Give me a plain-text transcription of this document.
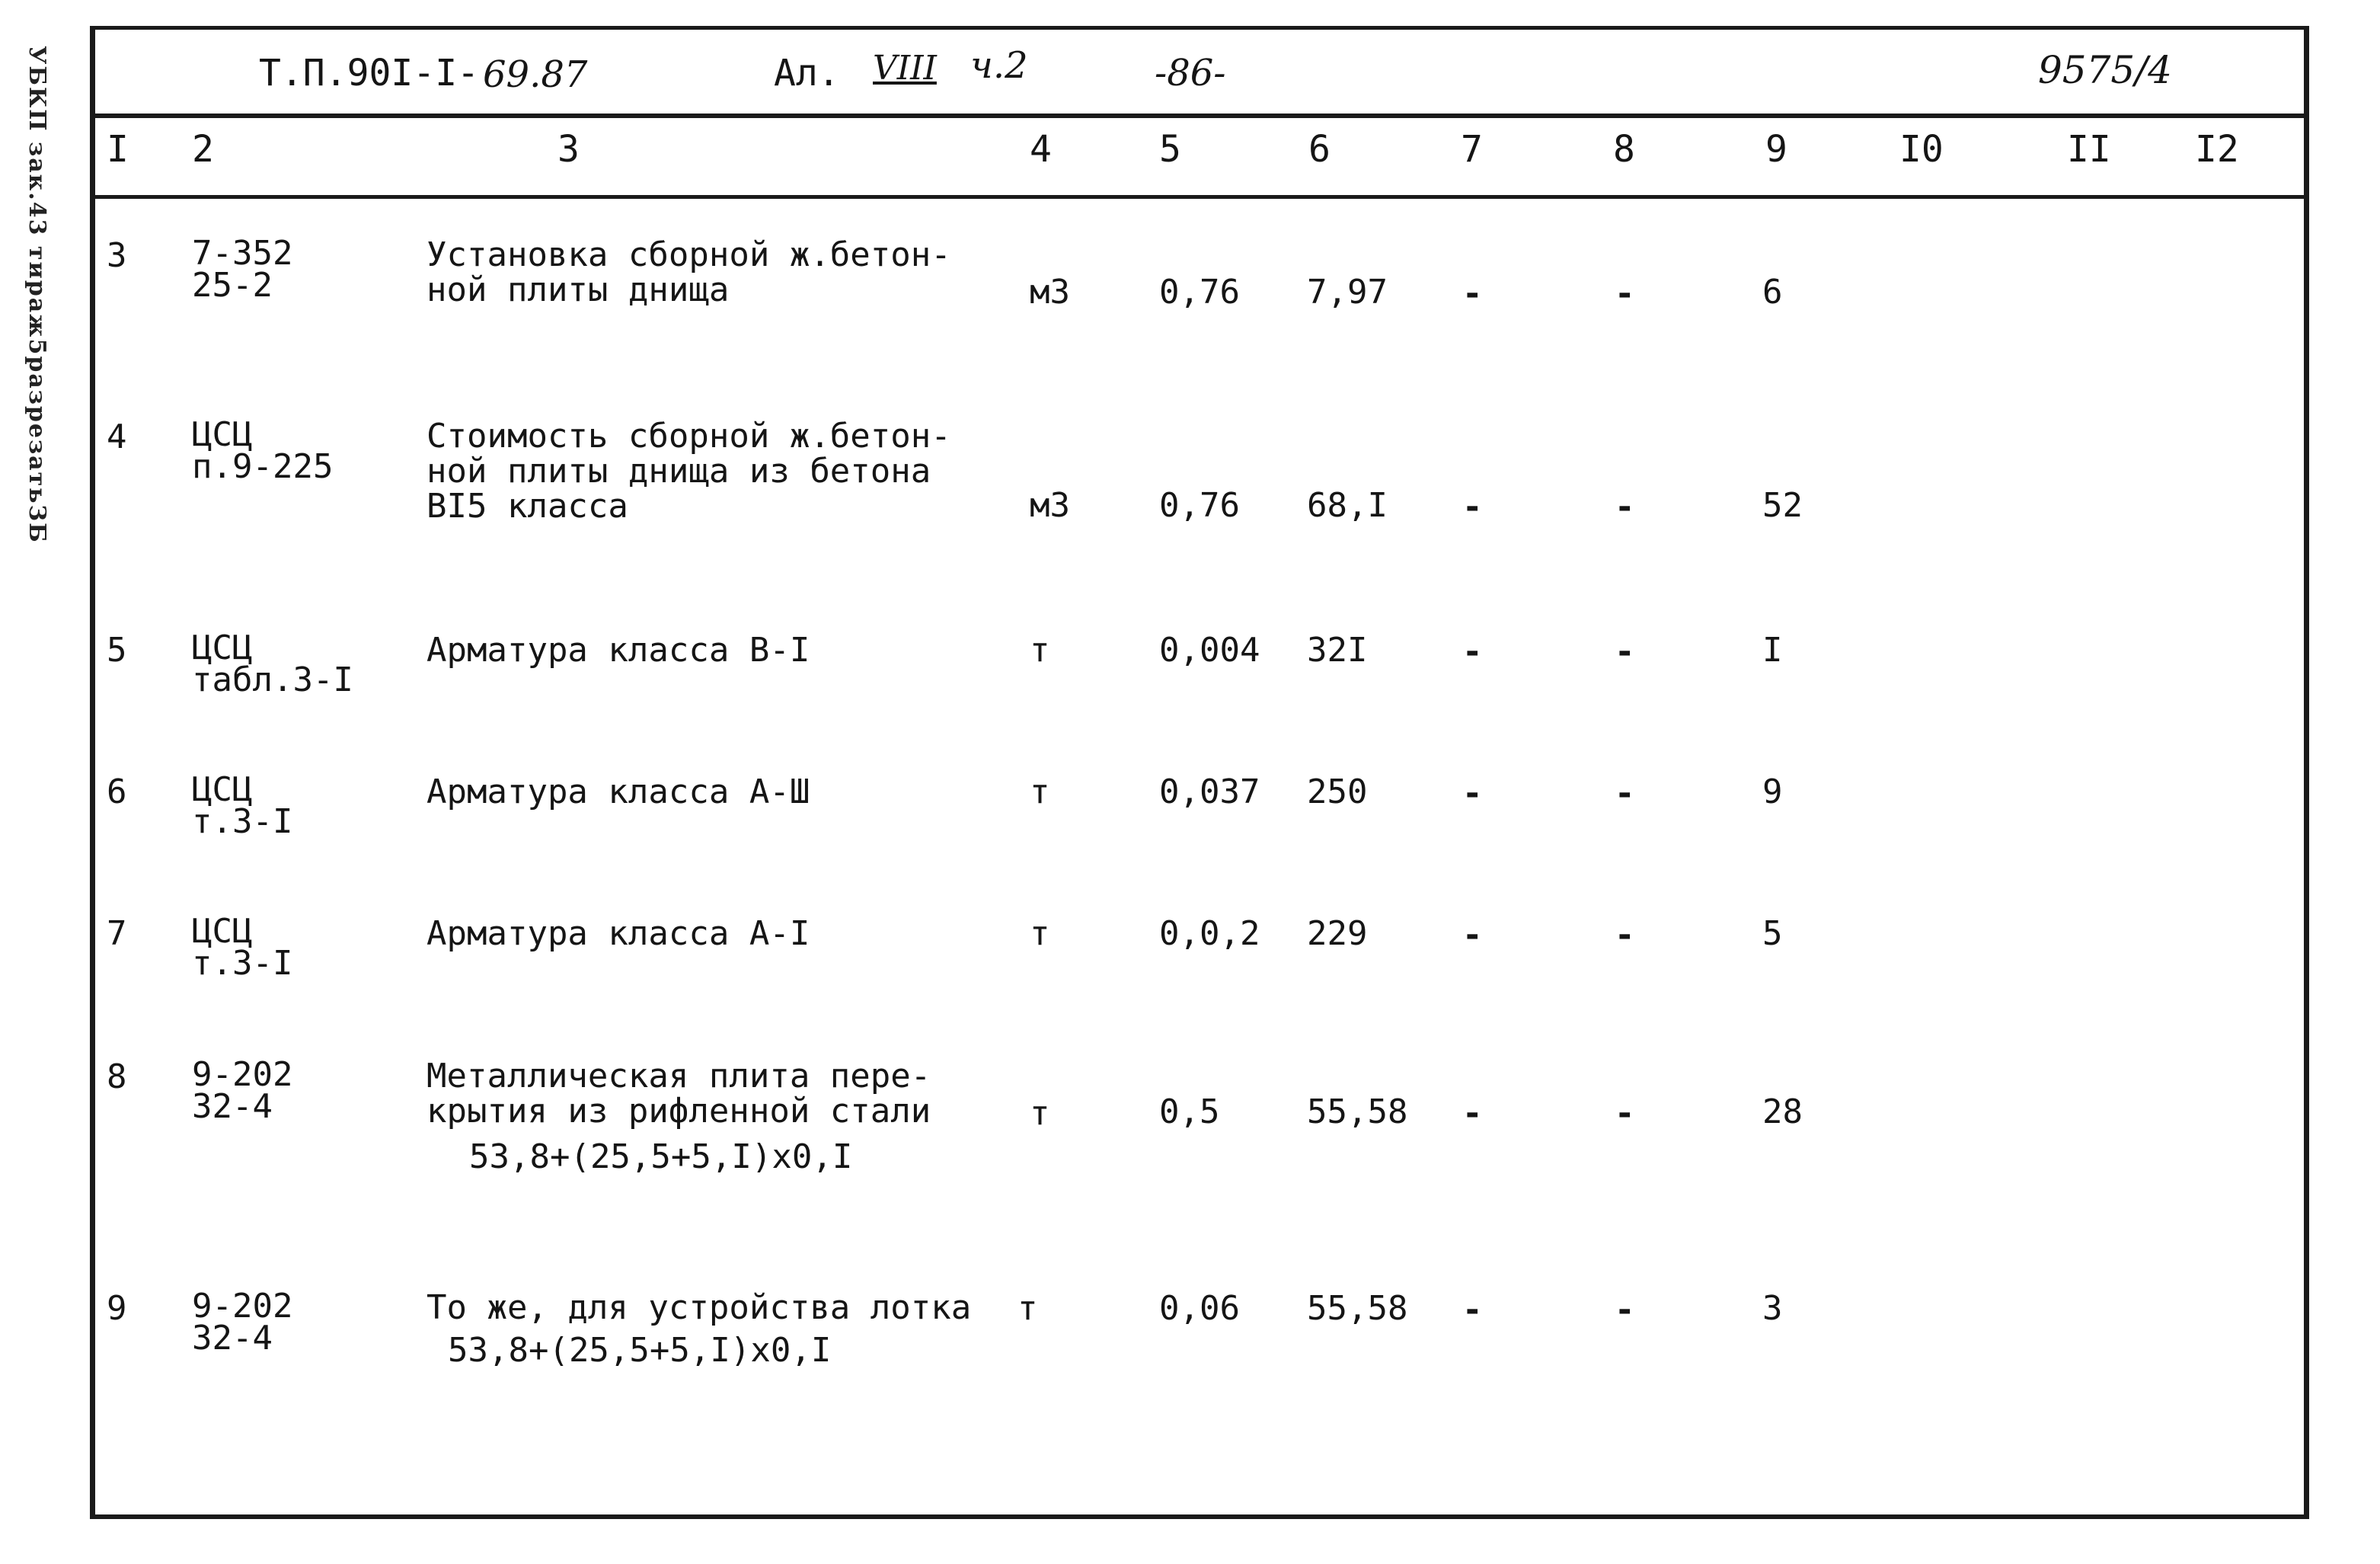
УБКП зак.43 тираж5разрезатьЗБ	Т.П.90I-I- 69.87	Ал. VIII ч.2	-86-	9575/4
I 2	3	4	5	6	7	8	9	I0	II I2
3 7-352
25-2
Установка сборной ж.бетон-
ной плиты днища	м3	0,76 7,97 -	-	6
4 ЦСЦ
п.9-225
Стоимость сборной ж.бетон-
ной плиты днища из бетона
BI5 класса	м3	0,76 68,I -	-	52
5 ЦСЦ
табл.3-I
Арматура класса В-I	т	0,004 32I	-	-	I
6 ЦСЦ
т.3-I
Арматура класса А-Ш	т	0,037 250	-	-	9
7 ЦСЦ
т.3-I
Арматура класса А-I	т	0,0,2 229	-	-	5
8 9-202
32-4
Металлическая плита пере-
крытия из рифленной стали
53,8+(25,5+5,I)x0,I
т	0,5	55,58 -	-	28
9 9-202
32-4
То же, для устройства лотка
53,8+(25,5+5,I)x0,I
т	0,06 55,58 -	-	3
